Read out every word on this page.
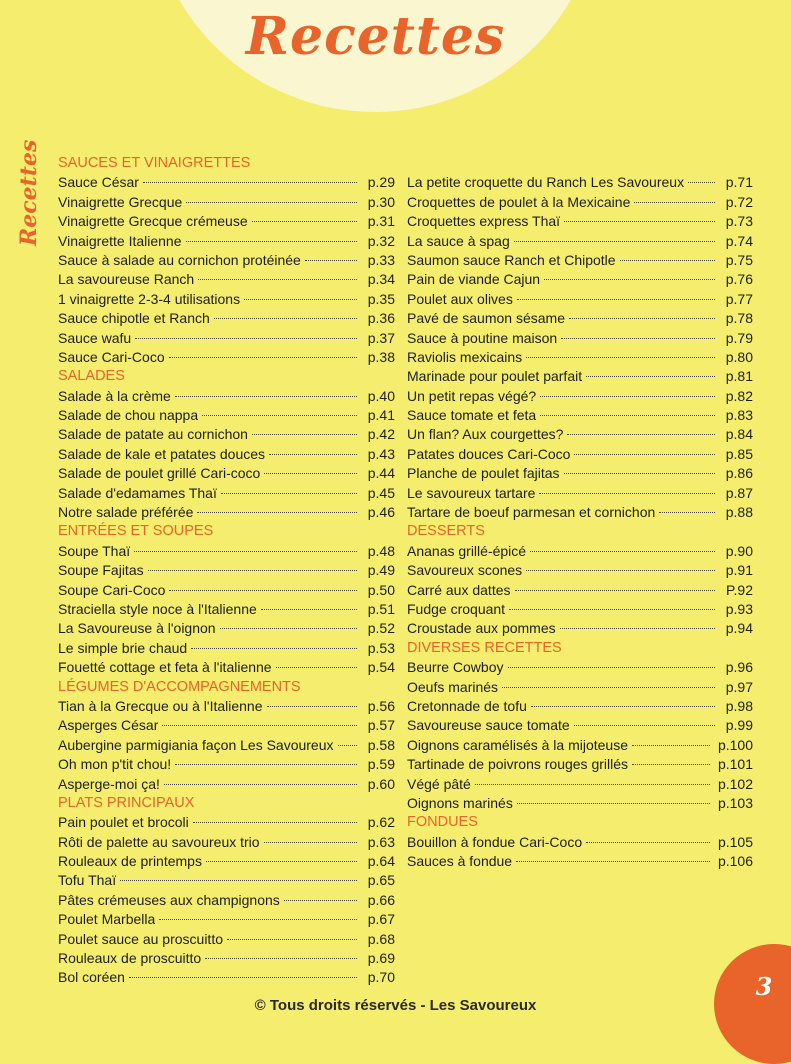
Recettes
Recettes SAUCES ET VINAIGRETTES
Sauce César	p.29
Vinaigrette Grecque	p.30
Vinaigrette Grecque crémeuse	p.31
Vinaigrette Italienne	p.32
Sauce à salade au cornichon protéinée	p.33
La savoureuse Ranch	p.34
1 vinaigrette 2-3-4 utilisations	p.35
Sauce chipotle et Ranch	p.36
Sauce wafu	p.37
Sauce Cari-Coco	p.38
SALADES
Salade à la crème	p.40
Salade de chou nappa	p.41
Salade de patate au cornichon	p.42
Salade de kale et patates douces	p.43
Salade de poulet grillé Cari-coco	p.44
Salade d'edamames Thaï	p.45
Notre salade préférée	p.46
ENTRÉES ET SOUPES
Soupe Thaï	p.48
Soupe Fajitas	p.49
Soupe Cari-Coco	p.50
Straciella style noce à l'Italienne	p.51
La Savoureuse à l'oignon	p.52
Le simple brie chaud	p.53
Fouetté cottage et feta à l'italienne	p.54
LÉGUMES D'ACCOMPAGNEMENTS
Tian à la Grecque ou à l'Italienne	p.56
Asperges César	p.57
Aubergine parmigiania façon Les Savoureux p.58
Oh mon p'tit chou!	p.59
Asperge-moi ça!	p.60
PLATS PRINCIPAUX
Pain poulet et brocoli	p.62
Rôti de palette au savoureux trio	p.63
Rouleaux de printemps	p.64
Tofu Thaï	p.65
Pâtes crémeuses aux champignons	p.66
Poulet Marbella	p.67
Poulet sauce au proscuitto	p.68
Rouleaux de proscuitto	p.69
Bol coréen	p.70
La petite croquette du Ranch Les Savoureux	p.71
Croquettes de poulet à la Mexicaine	p.72
Croquettes express Thaï	p.73
La sauce à spag	p.74
Saumon sauce Ranch et Chipotle	p.75
Pain de viande Cajun	p.76
Poulet aux olives	p.77
Pavé de saumon sésame	p.78
Sauce à poutine maison	p.79
Raviolis mexicains	p.80
Marinade pour poulet parfait	p.81
Un petit repas végé?	p.82
Sauce tomate et feta	p.83
Un flan? Aux courgettes?	p.84
Patates douces Cari-Coco	p.85
Planche de poulet fajitas	p.86
Le savoureux tartare	p.87
Tartare de boeuf parmesan et cornichon	p.88
DESSERTS
Ananas grillé-épicé	p.90
Savoureux scones	p.91
Carré aux dattes	P.92
Fudge croquant	p.93
Croustade aux pommes	p.94
DIVERSES RECETTES
Beurre Cowboy	p.96
Oeufs marinés	p.97
Cretonnade de tofu	p.98
Savoureuse sauce tomate	p.99
Oignons caramélisés à la mijoteuse	p.100
Tartinade de poivrons rouges grillés	p.101
Végé pâté	p.102
Oignons marinés	p.103
FONDUES
Bouillon à fondue Cari-Coco	p.105
Sauces à fondue	p.106
© Tous droits réservés - Les Savoureux
3
